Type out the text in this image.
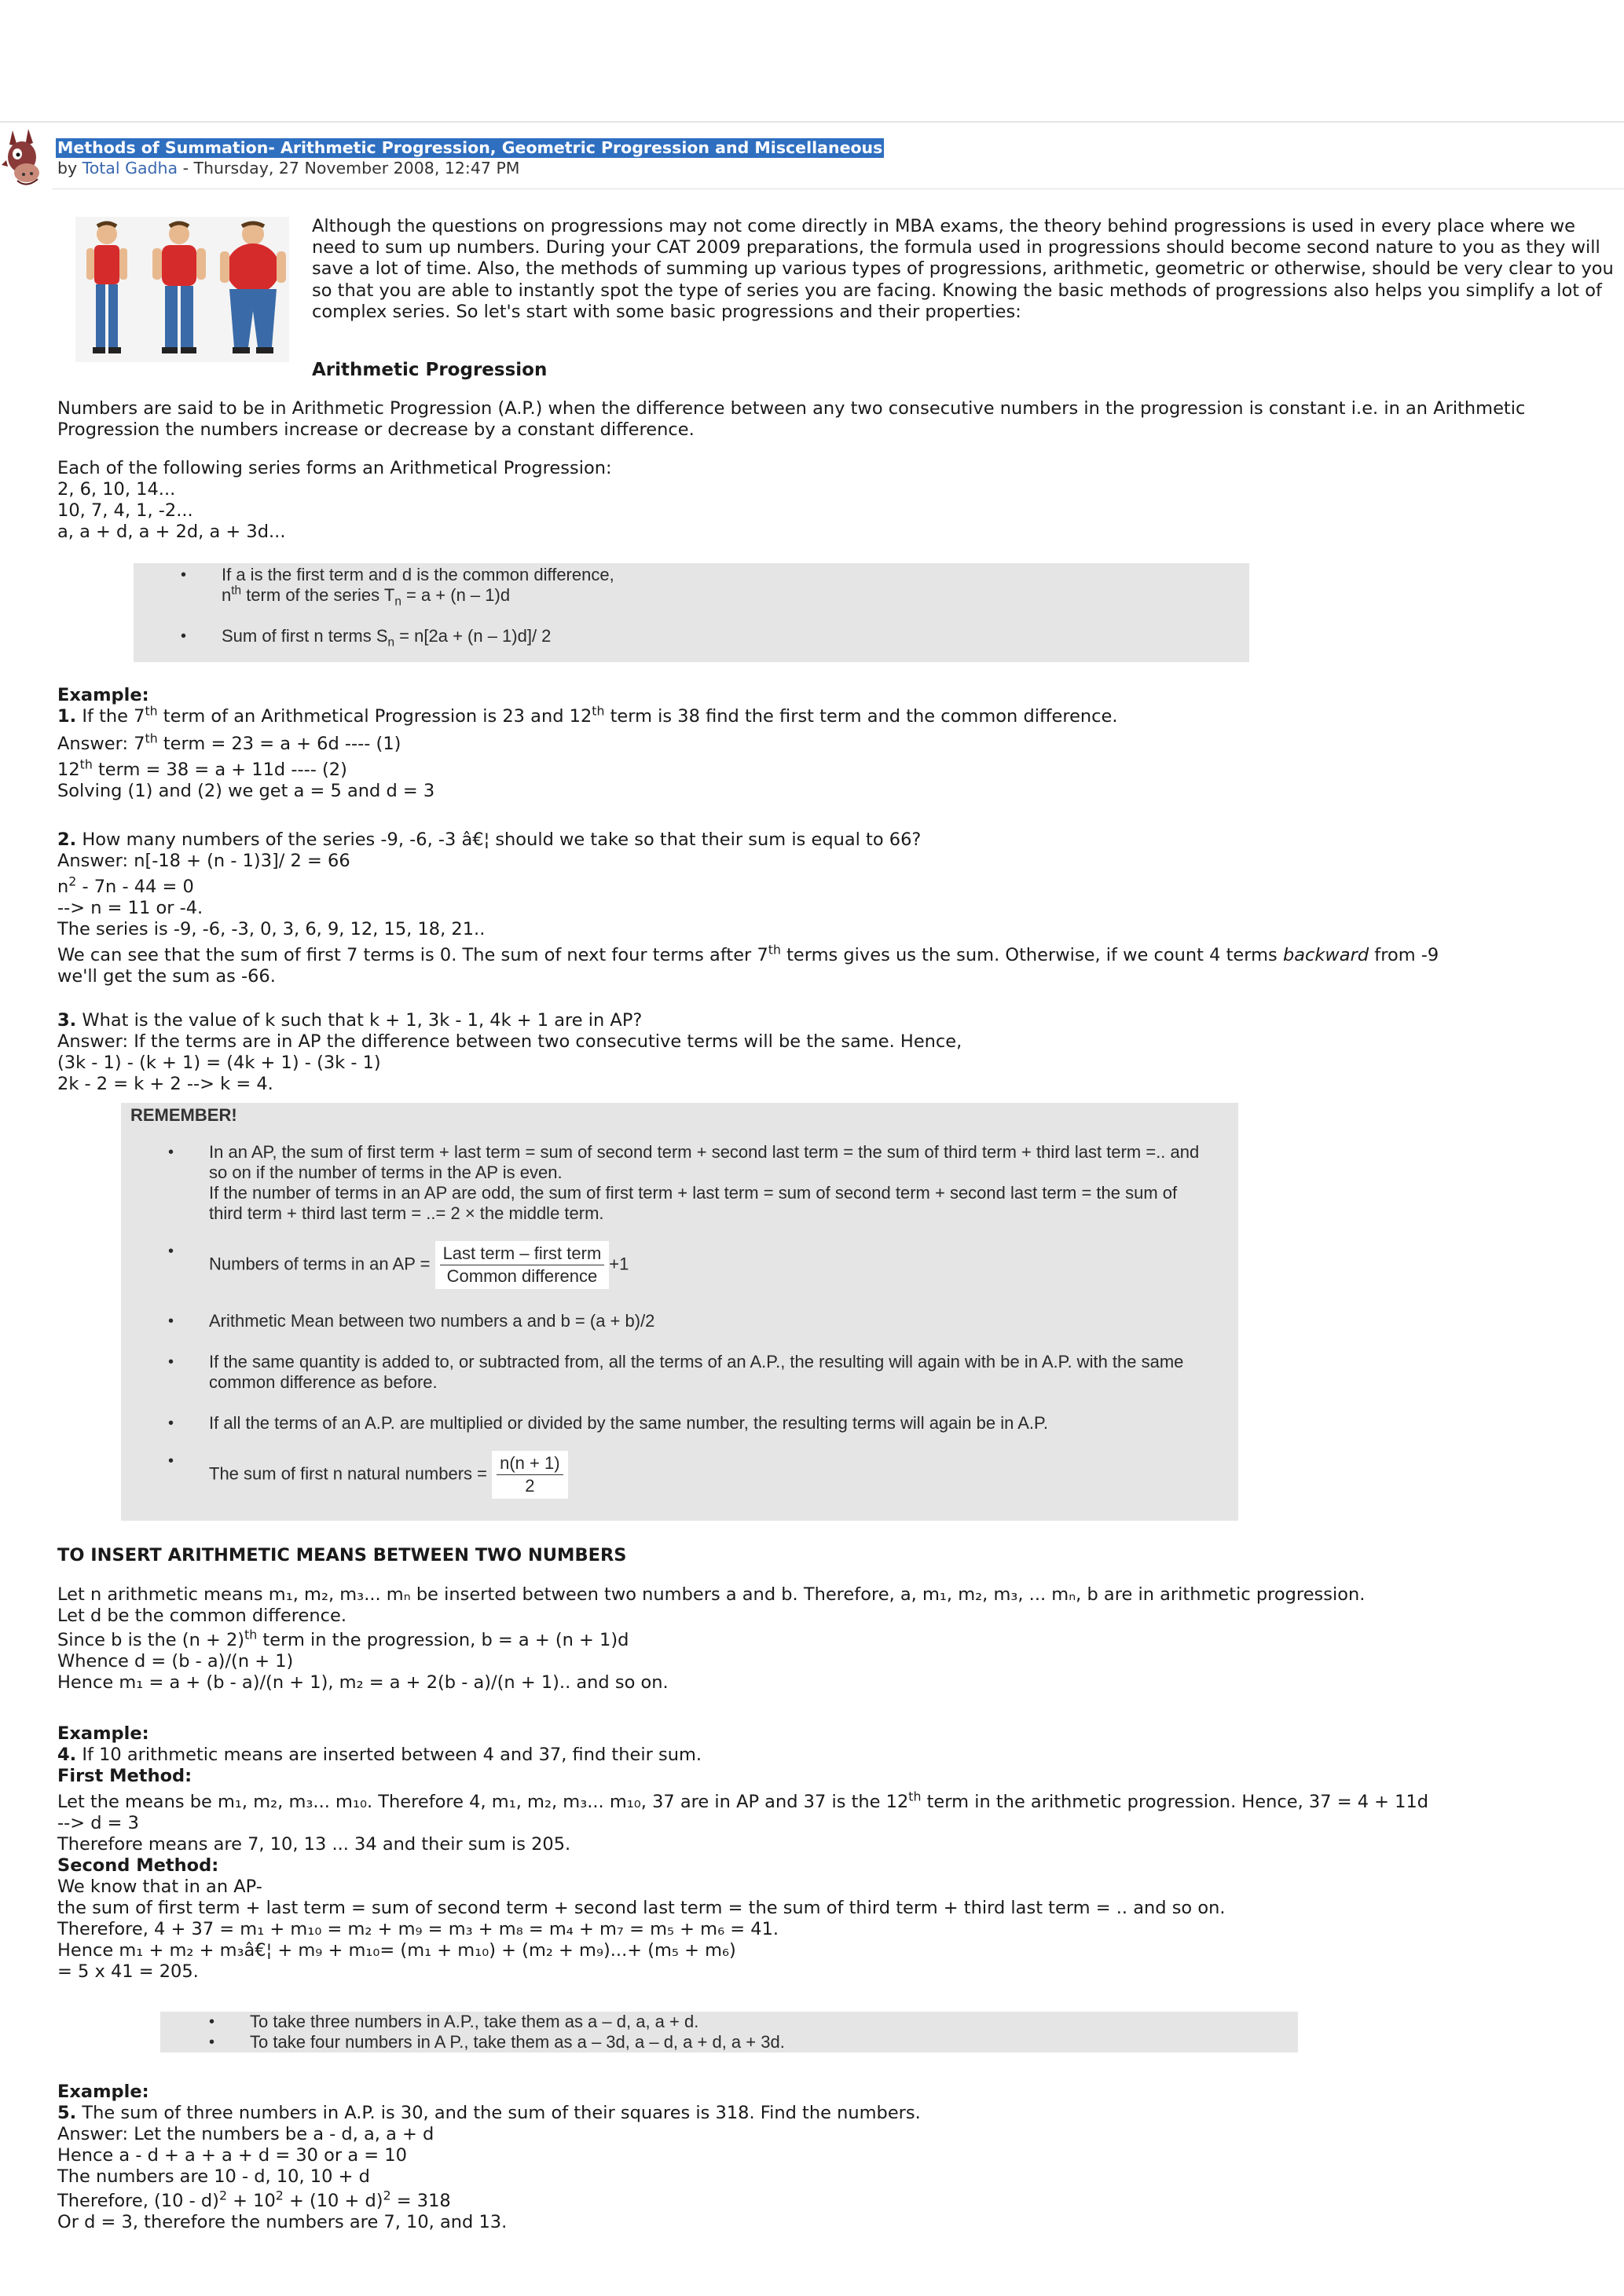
Methods of Summation- Arithmetic Progression, Geometric Progression and Miscellaneous
by Total Gadha - Thursday, 27 November 2008, 12:47 PM

Although the questions on progressions may not come directly in MBA exams, the theory behind progressions is used in every place where we need to sum up numbers. During your CAT 2009 preparations, the formula used in progressions should become second nature to you as they will save a lot of time. Also, the methods of summing up various types of progressions, arithmetic, geometric or otherwise, should be very clear to you so that you are able to instantly spot the type of series you are facing. Knowing the basic methods of progressions also helps you simplify a lot of complex series. So let's start with some basic progressions and their properties:

Arithmetic Progression

Numbers are said to be in Arithmetic Progression (A.P.) when the difference between any two consecutive numbers in the progression is constant i.e. in an Arithmetic Progression the numbers increase or decrease by a constant difference.
Each of the following series forms an Arithmetical Progression:
2, 6, 10, 14...
10, 7, 4, 1, -2...
a, a + d, a + 2d, a + 3d...
• If a is the first term and d is the common difference,
$n^{th}$ term of the series $T_n = a + (n - 1)d$
• Sum of first n terms $S_n = n[2a + (n - 1)d]/$ 2
Example:
1. If the 7th term of an Arithmetical Progression is 23 and 12th term is 38 find the first term and the common difference.
Answer: 7th term = 23 = a + 6d ---- (1)
12th term = 38 = a + 11d ---- (2)
Solving (1) and (2) we get a = 5 and d = 3
2. How many numbers of the series -9, -6, -3 â€¦ should we take so that their sum is equal to 66?
Answer: n[-18 + (n - 1)3]/ 2 = 66
$n^2 - 7n - 44 = 0$
--> n = 11 or -4.
The series is -9, -6, -3, 0, 3, 6, 9, 12, 15, 18, 21..
We can see that the sum of first 7 terms is 0. The sum of next four terms after 7th terms gives us the sum. Otherwise, if we count 4 terms backward from -9
we'll get the sum as -66.
3. What is the value of k such that k + 1, 3k - 1, 4k + 1 are in AP?
Answer: If the terms are in AP the difference between two consecutive terms will be the same. Hence,
(3k - 1) - (k + 1) = (4k + 1) - (3k - 1)
2k - 2 = k + 2 --> k = 4.
REMEMBER!
• In an AP, the sum of first term + last term = sum of second term + second last term = the sum of third term + third last term =.. and so on if the number of terms in the AP is even.
If the number of terms in an AP are odd, the sum of first term + last term = sum of second term + second last term = the sum of third term + third last term = ..= 2 × the middle term.
• Numbers of terms in an AP = $\frac{\text{Last term – first term}}{\text{Common difference}} +1$
• Arithmetic Mean between two numbers a and b = (a + b)/2
• If the same quantity is added to, or subtracted from, all the terms of an A.P., the resulting will again with be in A.P. with the same common difference as before.
• If all the terms of an A.P. are multiplied or divided by the same number, the resulting terms will again be in A.P.
• The sum of first n natural numbers = $\frac{n(n + 1)}{2}$
TO INSERT ARITHMETIC MEANS BETWEEN TWO NUMBERS
Let n arithmetic means m₁, m₂, m₃... mₙ be inserted between two numbers a and b. Therefore, a, m₁, m₂, m₃, ... mₙ, b are in arithmetic progression.
Let d be the common difference.
Since b is the $(n + 2)^{th}$ term in the progression, b = a + (n + 1)d
Whence d = (b - a)/(n + 1)
Hence m₁ = a + (b - a)/(n + 1), m₂ = a + 2(b - a)/(n + 1).. and so on.
Example:
4. If 10 arithmetic means are inserted between 4 and 37, find their sum.
First Method:
Let the means be m₁, m₂, m₃... m₁₀. Therefore 4, m₁, m₂, m₃... m₁₀, 37 are in AP and 37 is the 12th term in the arithmetic progression. Hence, 37 = 4 + 11d
--> d = 3
Therefore means are 7, 10, 13 ... 34 and their sum is 205.
Second Method:
We know that in an AP-
the sum of first term + last term = sum of second term + second last term = the sum of third term + third last term = .. and so on.
Therefore, 4 + 37 = m₁ + m₁₀ = m₂ + m₉ = m₃ + m₈ = m₄ + m₇ = m₅ + m₆ = 41.
Hence m₁ + m₂ + m₃â€¦ + m₉ + m₁₀= (m₁ + m₁₀) + (m₂ + m₉)...+ (m₅ + m₆)
= 5 x 41 = 205.
• To take three numbers in A.P., take them as a – d, a, a + d.
• To take four numbers in A P., take them as a – 3d, a – d, a + d, a + 3d.
Example:
5. The sum of three numbers in A.P. is 30, and the sum of their squares is 318. Find the numbers.
Answer: Let the numbers be a - d, a, a + d
Hence a - d + a + a + d = 30 or a = 10
The numbers are 10 - d, 10, 10 + d
Therefore, $(10 - d)^2 + 10^2 + (10 + d)^2 = 318$
Or d = 3, therefore the numbers are 7, 10, and 13.
